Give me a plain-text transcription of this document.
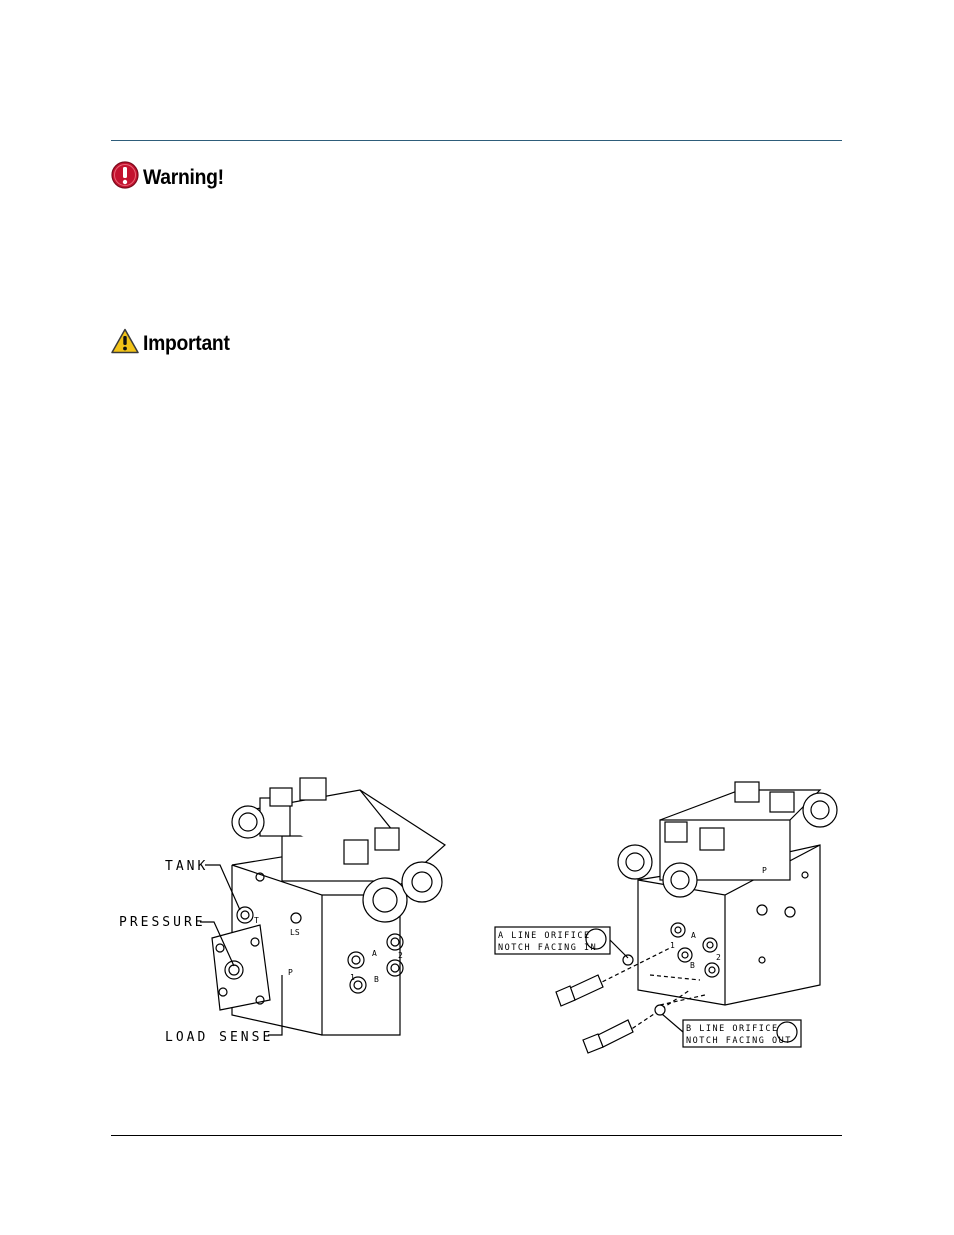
Warning!
Important
T
LS
A
B
P
1
2
TANK
PRESSURE
LOAD SENSE
P
A
B
1
2
A LINE ORIFICE
NOTCH FACING IN
B LINE ORIFICE
NOTCH FACING OUT
